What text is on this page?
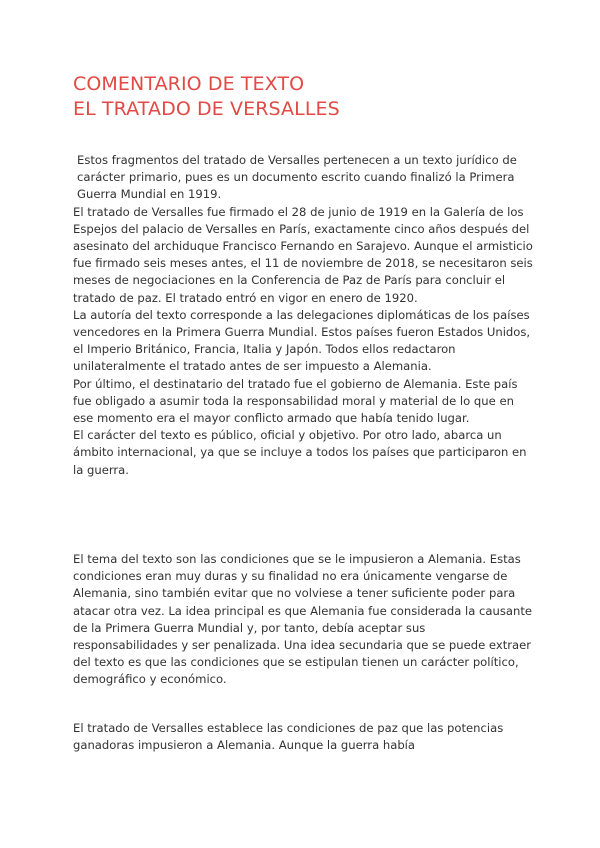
COMENTARIO DE TEXTO
EL TRATADO DE VERSALLES

Estos fragmentos del tratado de Versalles pertenecen a un texto jurídico de carácter primario, pues es un documento escrito cuando finalizó la Primera Guerra Mundial en 1919.

El tratado de Versalles fue firmado el 28 de junio de 1919 en la Galería de los Espejos del palacio de Versalles en París, exactamente cinco años después del asesinato del archiduque Francisco Fernando en Sarajevo. Aunque el armisticio fue firmado seis meses antes, el 11 de noviembre de 2018, se necesitaron seis meses de negociaciones en la Conferencia de Paz de París para concluir el tratado de paz. El tratado entró en vigor en enero de 1920.

La autoría del texto corresponde a las delegaciones diplomáticas de los países vencedores en la Primera Guerra Mundial. Estos países fueron Estados Unidos, el Imperio Británico, Francia, Italia y Japón. Todos ellos redactaron unilateralmente el tratado antes de ser impuesto a Alemania.

Por último, el destinatario del tratado fue el gobierno de Alemania. Este país fue obligado a asumir toda la responsabilidad moral y material de lo que en ese momento era el mayor conflicto armado que había tenido lugar.

El carácter del texto es público, oficial y objetivo. Por otro lado, abarca un ámbito internacional, ya que se incluye a todos los países que participaron en la guerra.

El tema del texto son las condiciones que se le impusieron a Alemania. Estas condiciones eran muy duras y su finalidad no era únicamente vengarse de Alemania, sino también evitar que no volviese a tener suficiente poder para atacar otra vez. La idea principal es que Alemania fue considerada la causante de la Primera Guerra Mundial y, por tanto, debía aceptar sus responsabilidades y ser penalizada. Una idea secundaria que se puede extraer del texto es que las condiciones que se estipulan tienen un carácter político, demográfico y económico.

El tratado de Versalles establece las condiciones de paz que las potencias ganadoras impusieron a Alemania. Aunque la guerra había
